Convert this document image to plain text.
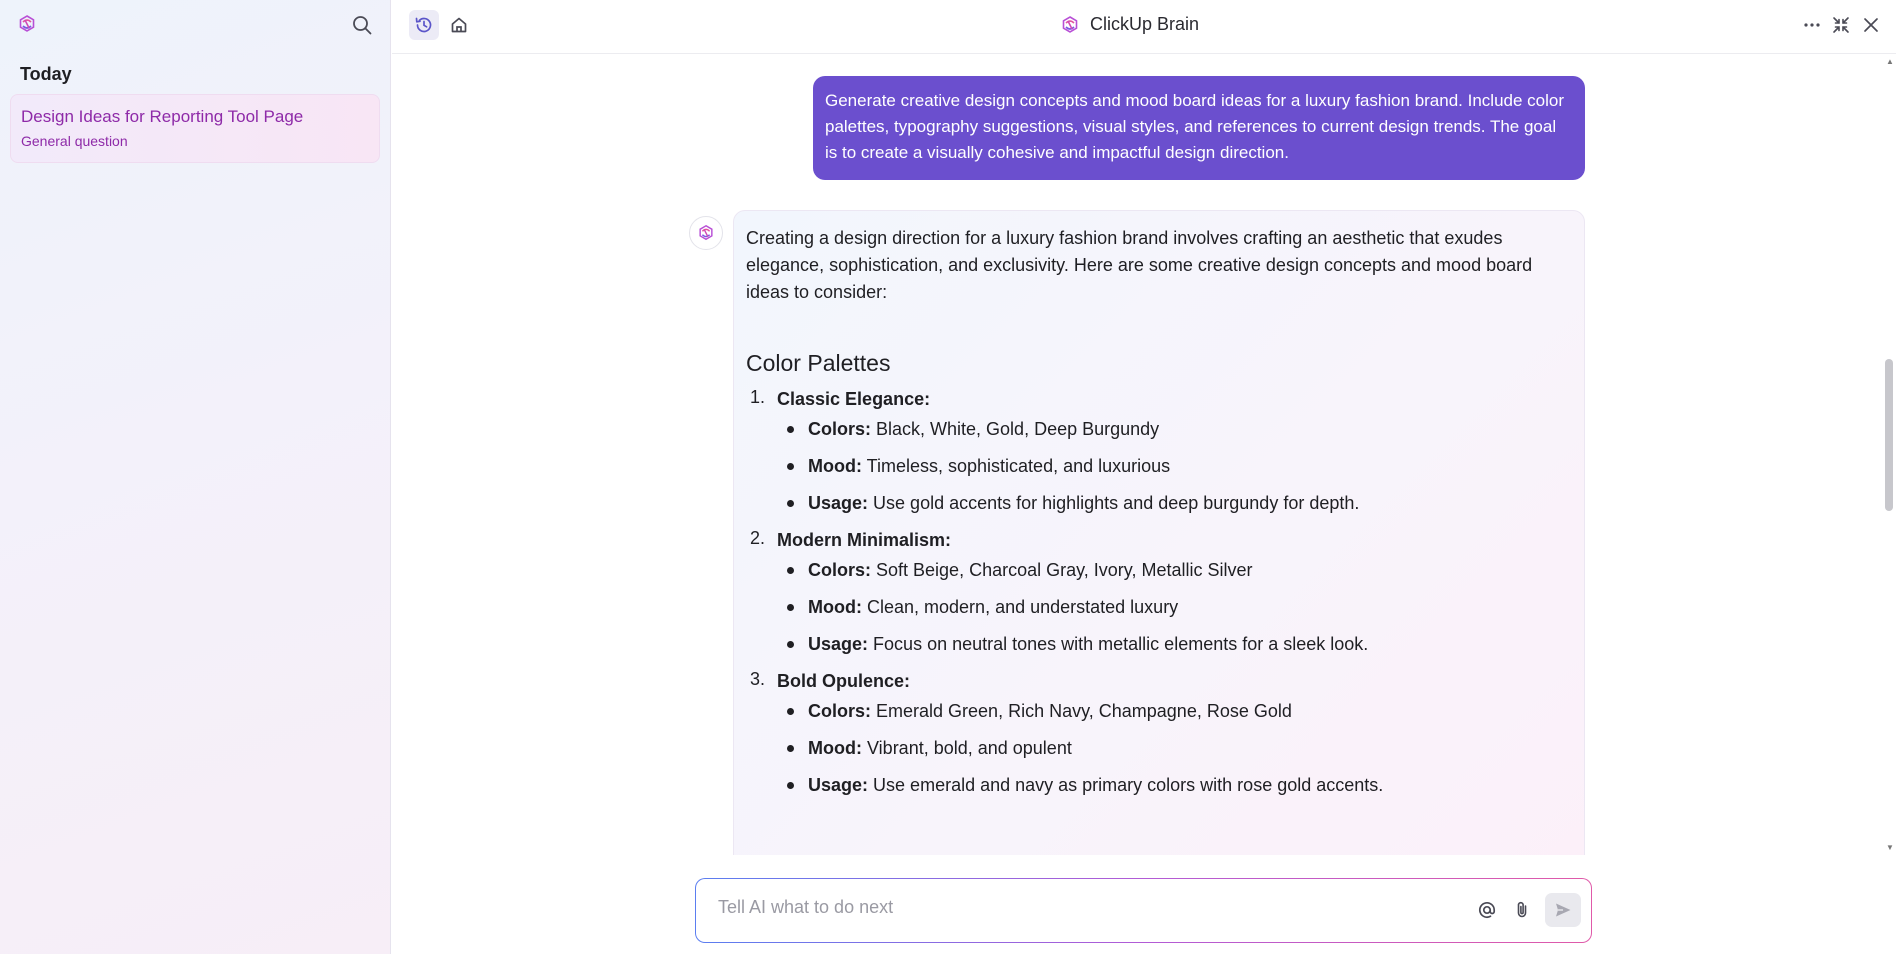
Today
Design Ideas for Reporting Tool Page
General question
ClickUp Brain
Generate creative design concepts and mood board ideas for a luxury fashion brand. Include color palettes, typography suggestions, visual styles, and references to current design trends. The goal is to create a visually cohesive and impactful design direction.

Creating a design direction for a luxury fashion brand involves crafting an aesthetic that exudes elegance, sophistication, and exclusivity. Here are some creative design concepts and mood board ideas to consider:

Color Palettes
1. Classic Elegance:
Colors: Black, White, Gold, Deep Burgundy
Mood: Timeless, sophisticated, and luxurious
Usage: Use gold accents for highlights and deep burgundy for depth.
2. Modern Minimalism:
Colors: Soft Beige, Charcoal Gray, Ivory, Metallic Silver
Mood: Clean, modern, and understated luxury
Usage: Focus on neutral tones with metallic elements for a sleek look.
3. Bold Opulence:
Colors: Emerald Green, Rich Navy, Champagne, Rose Gold
Mood: Vibrant, bold, and opulent
Usage: Use emerald and navy as primary colors with rose gold accents.
▲
▼
Tell AI what to do next
